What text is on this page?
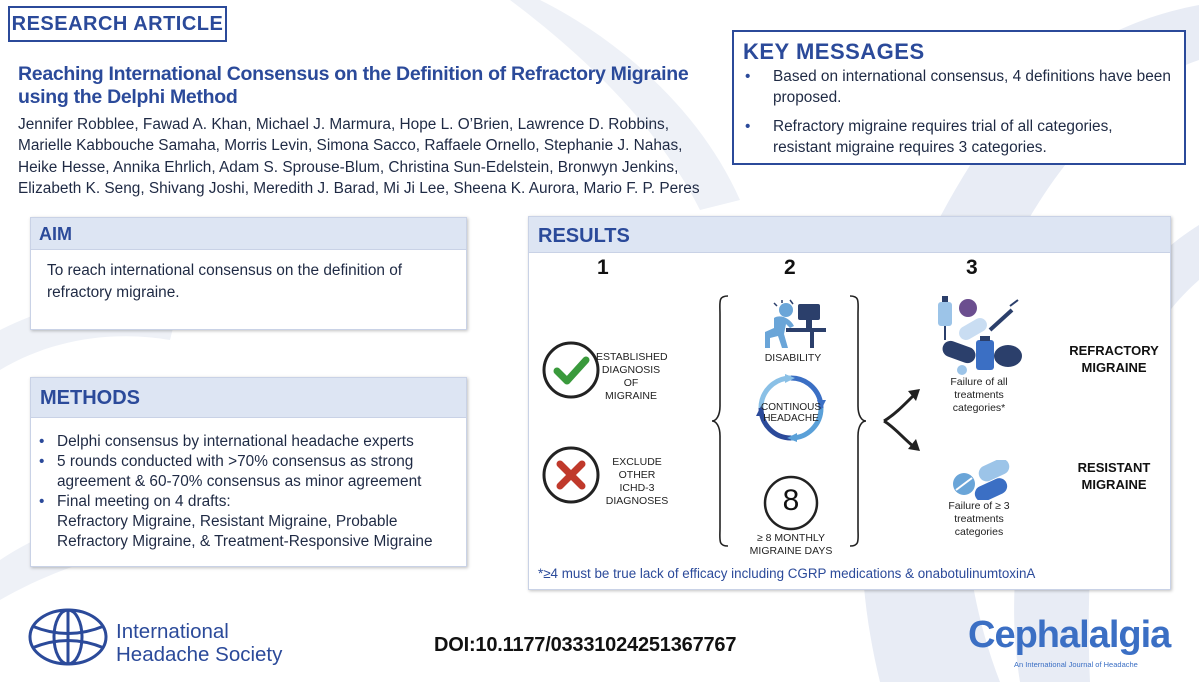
RESEARCH ARTICLE
Reaching International Consensus on the Definition of Refractory Migraine
using the Delphi Method
Jennifer Robblee, Fawad A. Khan, Michael J. Marmura, Hope L. O’Brien, Lawrence D. Robbins,
Marielle Kabbouche Samaha, Morris Levin, Simona Sacco, Raffaele Ornello, Stephanie J. Nahas,
Heike Hesse, Annika Ehrlich, Adam S. Sprouse-Blum, Christina Sun-Edelstein, Bronwyn Jenkins,
Elizabeth K. Seng, Shivang Joshi, Meredith J. Barad, Mi Ji Lee, Sheena K. Aurora, Mario F. P. Peres
KEY MESSAGES
• Based on international consensus, 4 definitions have been proposed.
• Refractory migraine requires trial of all categories, resistant migraine requires 3 categories.
AIM
To reach international consensus on the definition of refractory migraine.
METHODS
• Delphi consensus by international headache experts
• 5 rounds conducted with >70% consensus as strong agreement & 60-70% consensus as minor agreement
• Final meeting on 4 drafts:
Refractory Migraine, Resistant Migraine, Probable Refractory Migraine, & Treatment-Responsive Migraine
RESULTS
1	2	3
ESTABLISHED
DIAGNOSIS OF
MIGRAINE
EXCLUDE OTHER
ICHD-3
DIAGNOSES
DISABILITY
CONTINOUS
HEADACHE
8
≥ 8 MONTHLY
MIGRAINE DAYS
Failure of all
treatments
categories*
Failure of ≥ 3
treatments
categories
REFRACTORY
MIGRAINE
RESISTANT
MIGRAINE
*≥4 must be true lack of efficacy including CGRP medications & onabotulinumtoxinA
International
Headache Society	DOI:10.1177/03331024251367767	Cephalalgia
An International Journal of Headache
